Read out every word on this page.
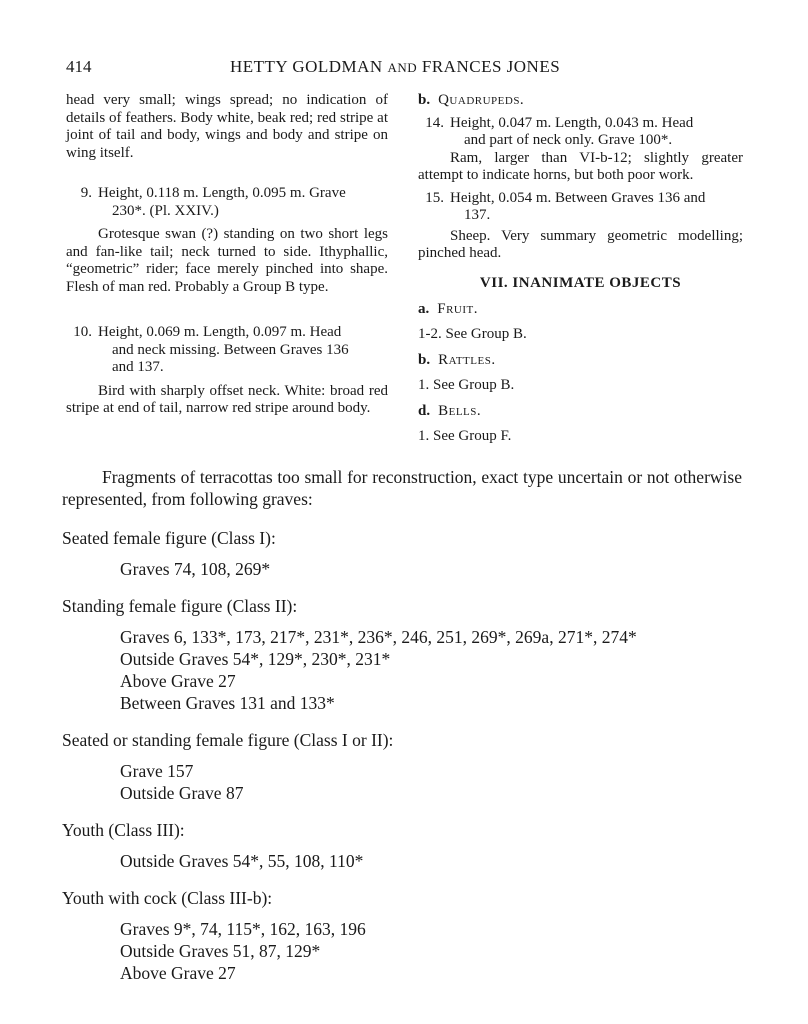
414	HETTY GOLDMAN AND FRANCES JONES

head very small; wings spread; no indication of details of feathers. Body white, beak red; red stripe at joint of tail and body, wings and body and stripe on wing itself.

9. Height, 0.118 m. Length, 0.095 m. Grave
230*. (Pl. XXIV.)

Grotesque swan (?) standing on two short legs and fan-like tail; neck turned to side. Ithyphallic, “geometric” rider; face merely pinched into shape. Flesh of man red. Probably a Group B type.

10. Height, 0.069 m. Length, 0.097 m. Head
and neck missing. Between Graves 136
and 137.

Bird with sharply offset neck. White: broad red stripe at end of tail, narrow red stripe around body.

b. Quadrupeds.

14. Height, 0.047 m. Length, 0.043 m. Head
and part of neck only. Grave 100*.

Ram, larger than VI-b-12; slightly greater attempt to indicate horns, but both poor work.

15. Height, 0.054 m. Between Graves 136 and
137.

Sheep. Very summary geometric modelling; pinched head.

VII. INANIMATE OBJECTS

a. Fruit.

1-2. See Group B.

b. Rattles.

1. See Group B.

d. Bells.

1. See Group F.

Fragments of terracottas too small for reconstruction, exact type uncertain or not otherwise represented, from following graves:

Seated female figure (Class I):

Graves 74, 108, 269*

Standing female figure (Class II):

Graves 6, 133*, 173, 217*, 231*, 236*, 246, 251, 269*, 269a, 271*, 274*
Outside Graves 54*, 129*, 230*, 231*
Above Grave 27
Between Graves 131 and 133*

Seated or standing female figure (Class I or II):

Grave 157
Outside Grave 87

Youth (Class III):

Outside Graves 54*, 55, 108, 110*

Youth with cock (Class III-b):

Graves 9*, 74, 115*, 162, 163, 196
Outside Graves 51, 87, 129*
Above Grave 27
